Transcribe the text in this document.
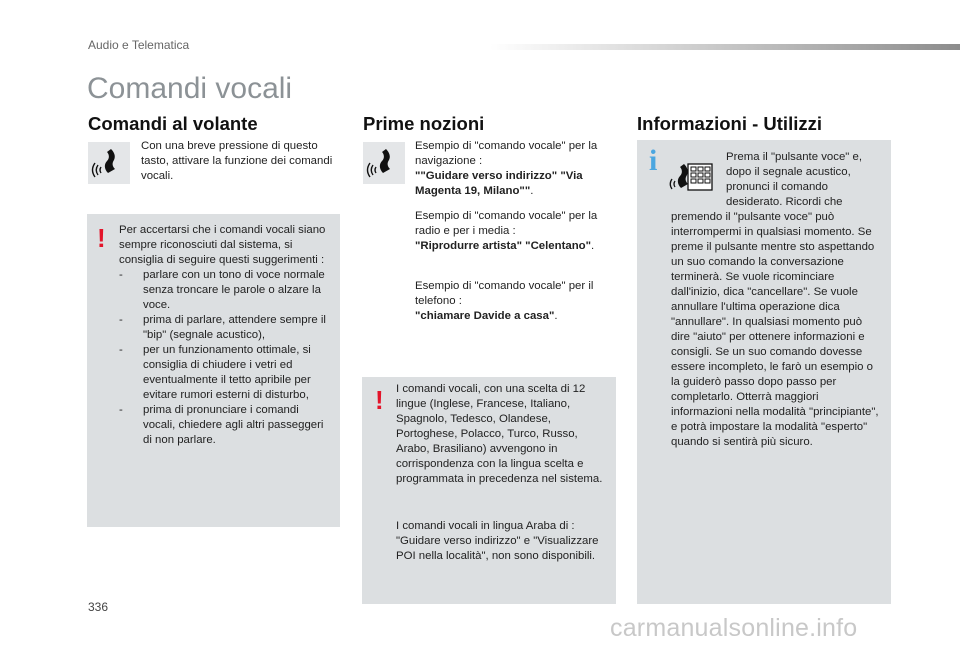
Audio e Telematica
Comandi vocali
Comandi al volante
Con una breve pressione di questo tasto, attivare la funzione dei comandi vocali.
! Per accertarsi che i comandi vocali siano sempre riconosciuti dal sistema, si consiglia di seguire questi suggerimenti :
- parlare con un tono di voce normale senza troncare le parole o alzare la voce.
- prima di parlare, attendere sempre il "bip" (segnale acustico),
- per un funzionamento ottimale, si consiglia di chiudere i vetri ed eventualmente il tetto apribile per evitare rumori esterni di disturbo,
- prima di pronunciare i comandi vocali, chiedere agli altri passeggeri di non parlare.
Prime nozioni
Esempio di "comando vocale" per la navigazione :
""Guidare verso indirizzo" "Via Magenta 19, Milano"".
Esempio di "comando vocale" per la radio e per i media :
"Riprodurre artista" "Celentano".
Esempio di "comando vocale" per il telefono :
"chiamare Davide a casa".
! I comandi vocali, con una scelta di 12 lingue (Inglese, Francese, Italiano, Spagnolo, Tedesco, Olandese, Portoghese, Polacco, Turco, Russo, Arabo, Brasiliano) avvengono in corrispondenza con la lingua scelta e programmata in precedenza nel sistema.
I comandi vocali in lingua Araba di : "Guidare verso indirizzo" e "Visualizzare POI nella località", non sono disponibili.
Informazioni - Utilizzi
i	Prema il "pulsante voce" e,
dopo il segnale acustico,
pronunci il comando
desiderato. Ricordi che
premendo il "pulsante voce" può interrompermi in qualsiasi momento. Se preme il pulsante mentre sto aspettando un suo comando la conversazione terminerà. Se vuole ricominciare dall'inizio, dica "cancellare". Se vuole annullare l'ultima operazione dica "annullare". In qualsiasi momento può dire "aiuto" per ottenere informazioni e consigli. Se un suo comando dovesse essere incompleto, le farò un esempio o la guiderò passo dopo passo per completarlo. Otterrà maggiori informazioni nella modalità "principiante", e potrà impostare la modalità "esperto" quando si sentirà più sicuro.
336
carmanualsonline.info
